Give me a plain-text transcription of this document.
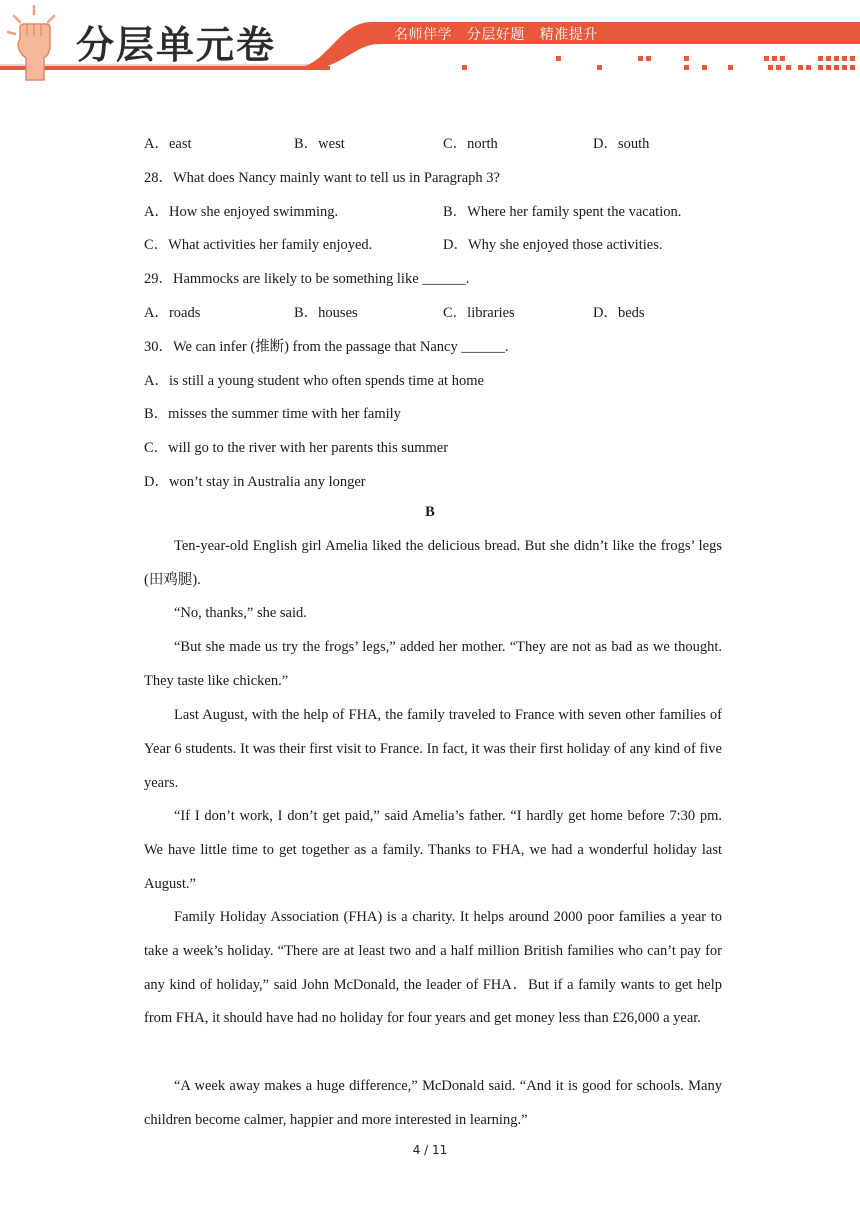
分层单元卷	名师伴学   分层好题   精准提升
A．east	B．west	C．north	D．south
28．What does Nancy mainly want to tell us in Paragraph 3?
A．How she enjoyed swimming.	B．Where her family spent the vacation.
C．What activities her family enjoyed.	D．Why she enjoyed those activities.
29．Hammocks are likely to be something like ______.
A．roads	B．houses	C．libraries	D．beds
30．We can infer (推断) from the passage that Nancy ______.
A．is still a young student who often spends time at home
B．misses the summer time with her family
C．will go to the river with her parents this summer
D．won’t stay in Australia any longer
B

Ten-year-old English girl Amelia liked the delicious bread. But she didn’t like the frogs’ legs (田鸡腿).

“No, thanks,” she said.

“But she made us try the frogs’ legs,” added her mother. “They are not as bad as we thought. They taste like chicken.”

Last August, with the help of FHA, the family traveled to France with seven other families of Year 6 students. It was their first visit to France. In fact, it was their first holiday of any kind of five years.

“If I don’t work, I don’t get paid,” said Amelia’s father. “I hardly get home before 7:30 pm. We have little time to get together as a family. Thanks to FHA, we had a wonderful holiday last August.”

Family Holiday Association (FHA) is a charity. It helps around 2000 poor families a year to take a week’s holiday. “There are at least two and a half million British families who can’t pay for any kind of holiday,” said John McDonald, the leader of FHA．But if a family wants to get help from FHA, it should have had no holiday for four years and get money less than £26,000 a year.

“A week away makes a huge difference,” McDonald said. “And it is good for schools. Many children become calmer, happier and more interested in learning.”

4 / 11
